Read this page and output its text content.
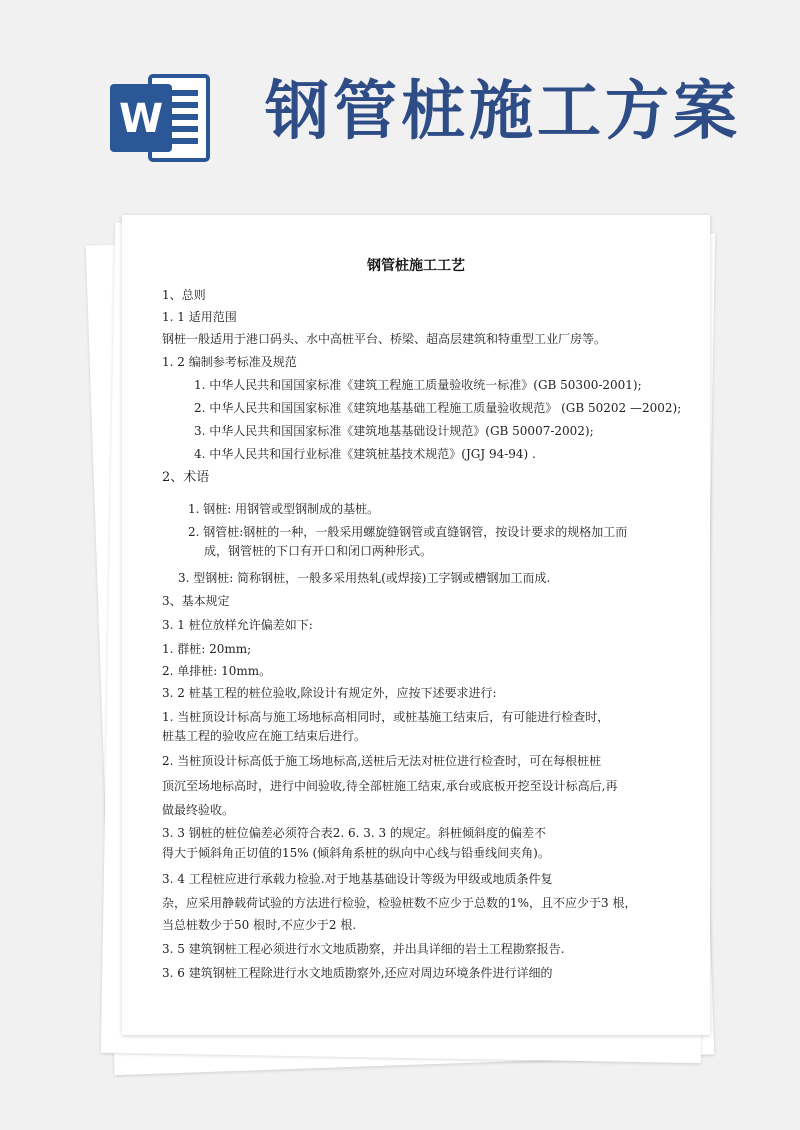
W 钢管桩施工方案
钢管桩施工工艺
1、总则
1. 1 适用范围
钢桩一般适用于港口码头、水中高桩平台、桥梁、超高层建筑和特重型工业厂房等。
1. 2 编制参考标准及规范
1. 中华人民共和国国家标准《建筑工程施工质量验收统一标准》(GB 50300-2001);
2. 中华人民共和国国家标准《建筑地基基础工程施工质量验收规范》 (GB 50202 —2002);
3. 中华人民共和国国家标准《建筑地基基础设计规范》(GB 50007-2002);
4. 中华人民共和国行业标准《建筑桩基技术规范》(JGJ 94-94) .
2、术语
1. 钢桩: 用钢管或型钢制成的基桩。
2. 钢管桩:钢桩的一种，一般采用螺旋缝钢管或直缝钢管，按设计要求的规格加工而
成，钢管桩的下口有开口和闭口两种形式。
3. 型钢桩: 简称钢桩，一般多采用热轧(或焊接)工字钢或槽钢加工而成.
3、基本规定
3. 1 桩位放样允许偏差如下:
1. 群桩: 20mm;
2. 单排桩: 10mm。
3. 2 桩基工程的桩位验收,除设计有规定外，应按下述要求进行:
1. 当桩顶设计标高与施工场地标高相同时，或桩基施工结束后，有可能进行检查时，
桩基工程的验收应在施工结束后进行。
2. 当桩顶设计标高低于施工场地标高,送桩后无法对桩位进行检查时，可在每根桩桩
顶沉至场地标高时，进行中间验收,待全部桩施工结束,承台或底板开挖至设计标高后,再
做最终验收。
3. 3 钢桩的桩位偏差必须符合表2. 6. 3. 3 的规定。斜桩倾斜度的偏差不
得大于倾斜角正切值的15% (倾斜角系桩的纵向中心线与铅垂线间夹角)。
3. 4 工程桩应进行承载力检验.对于地基基础设计等级为甲级或地质条件复
杂，应采用静载荷试验的方法进行检验，检验桩数不应少于总数的1%，且不应少于3 根，
当总桩数少于50 根时,不应少于2 根.
3. 5 建筑钢桩工程必须进行水文地质勘察，并出具详细的岩土工程勘察报告.
3. 6 建筑钢桩工程除进行水文地质勘察外,还应对周边环境条件进行详细的
